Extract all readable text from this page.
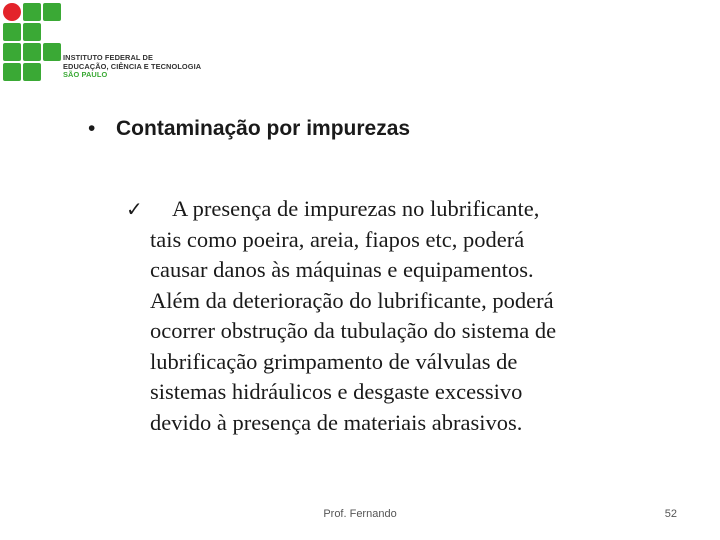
INSTITUTO FEDERAL DE
EDUCAÇÃO, CIÊNCIA E TECNOLOGIA
SÃO PAULO
• Contaminação por impurezas
✓	A presença de impurezas no lubrificante,
tais como poeira, areia, fiapos etc, poderá
causar danos às máquinas e equipamentos.
Além da deterioração do lubrificante, poderá
ocorrer obstrução da tubulação do sistema de
lubrificação grimpamento de válvulas de
sistemas hidráulicos e desgaste excessivo
devido à presença de materiais abrasivos.
Prof. Fernando	52
